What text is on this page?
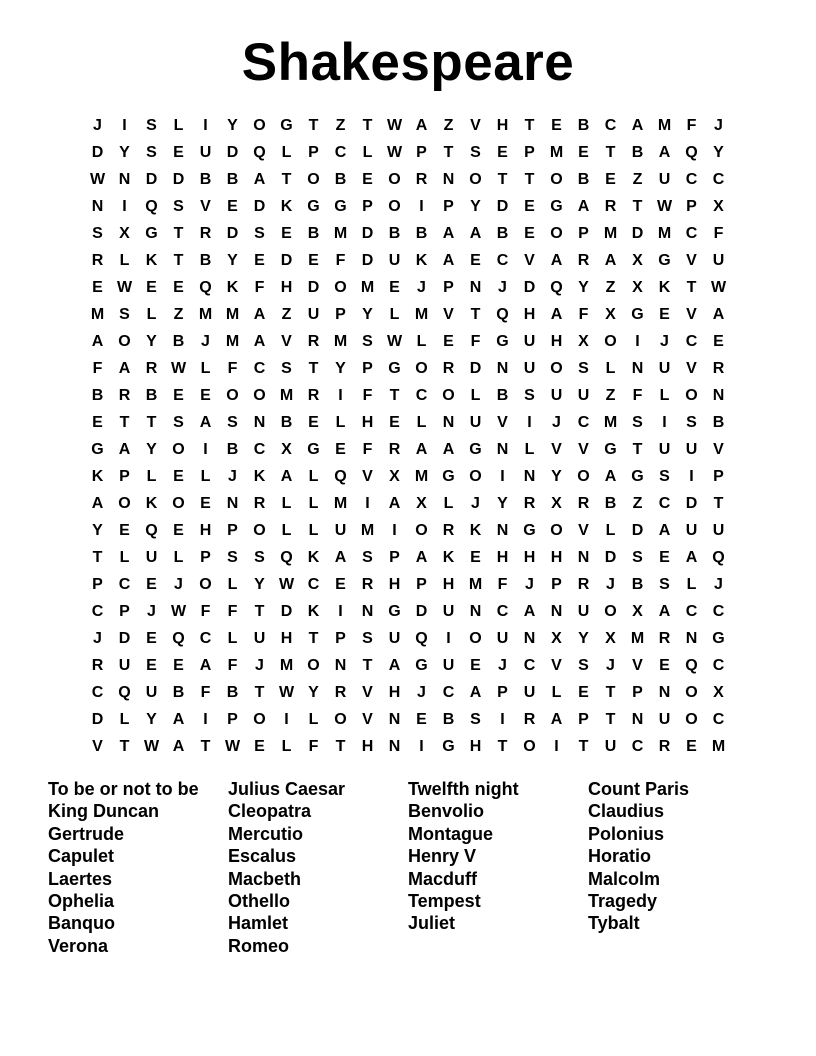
Shakespeare
J	I	S	L	I	Y O G T	Z	T W A	Z	V H	T	E B C A M F	J
D Y	S	E U D Q L	P C	L W P	T	S	E	P M E	T	B A Q Y
W N D D B B A	T O B E O R N O T	T O B E	Z	U C C
N	I	Q S	V	E D K G G P O	I	P	Y D E G A R	T W P	X
S	X G T	R D S	E B M D B B A A B E O P M D M C	F
R	L	K	T	B Y	E D E	F	D U K A E C V A R A X G V U
E W E	E Q K	F	H D O M E	J	P N	J	D Q Y	Z	X K	T W
M S	L	Z M M A	Z	U P	Y	L M V	T Q H A	F	X G E	V A
A O Y B	J M A V R M S W L	E	F G U H X O	I	J	C E
F	A R W L	F	C S	T	Y	P G O R D N U O S	L	N U V R
B R B E	E O O M R	I	F	T	C O L	B S U U	Z	F	L O N
E	T	T	S A S N B E	L	H E	L	N U V	I	J	C M S	I	S B
G A Y O	I	B C X G E	F	R A A G N	L	V	V G T	U U V
K P	L	E	L	J	K A	L Q V	X M G O	I	N Y O A G S	I	P
A O K O E N R	L	L M	I	A X	L	J	Y R X R B	Z	C D	T
Y	E Q E H P O L	L	U M	I	O R K N G O V	L	D A U U
T	L	U	L	P	S	S Q K A S	P A K E H H H N D S	E A Q
P C E	J	O L	Y W C E R H P H M F	J	P R	J	B S	L	J
C P	J W F	F	T	D K	I	N G D U N C A N U O X A C C
J	D E Q C	L	U H	T	P	S U Q	I	O U N X	Y	X M R N G
R U E	E A	F	J M O N	T	A G U E	J	C V	S	J	V	E Q C
C Q U B	F	B	T W Y R V H	J	C A P U	L	E	T	P N O X
D	L	Y A	I	P O	I	L O V N E B S	I	R A P	T	N U O C
V	T W A	T W E	L	F	T	H N	I	G H	T O	I	T	U C R E M
To be or not to be
King Duncan
Gertrude
Capulet
Laertes
Ophelia
Banquo
Verona
Julius Caesar
Cleopatra
Mercutio
Escalus
Macbeth
Othello
Hamlet
Romeo
Twelfth night
Benvolio
Montague
Henry V
Macduff
Tempest
Juliet
Count Paris
Claudius
Polonius
Horatio
Malcolm
Tragedy
Tybalt
